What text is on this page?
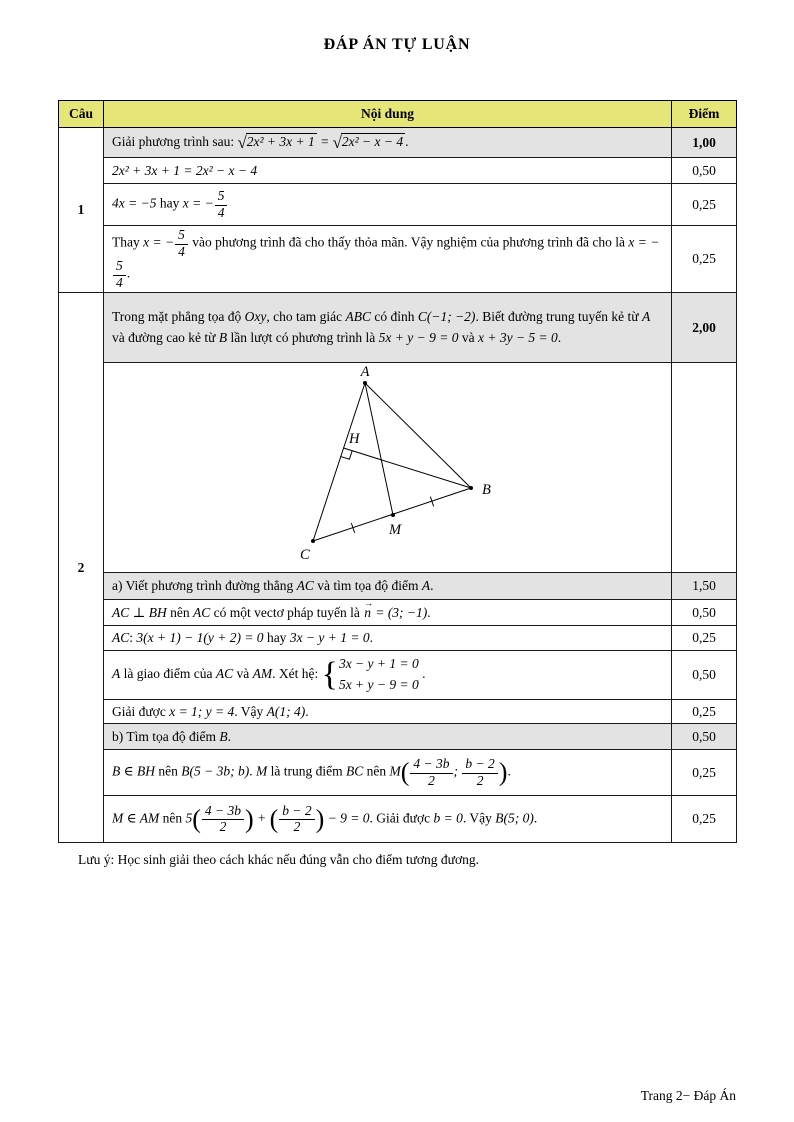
ĐÁP ÁN TỰ LUẬN
Câu	Nội dung	Điểm
1	Giải phương trình sau: √2x² + 3x + 1 = √2x² − x − 4 .	1,00
	2x² + 3x + 1 = 2x² − x − 4	0,50
	4x = −5 hay x = − $\frac{5}{4}$	0,25
Thay x = − $\frac{5}{4}$ vào phương trình đã cho thấy thỏa mãn. Vậy nghiệm của phương trình đã cho là x = −
$\frac{5}{4}$ .	0,25
2	Trong mặt phẳng tọa độ Oxy, cho tam giác ABC có đỉnh C(−1; −2). Biết đường trung tuyến kẻ từ A và đường cao kẻ từ B lần lượt có phương trình là 5x + y − 9 = 0 và x + 3y − 5 = 0.	2,00

A
B
C
M
H	

	a) Viết phương trình đường thẳng AC và tìm tọa độ điểm A.	1,50
	AC ⊥ BH nên AC có một vectơ pháp tuyến là
→
n = (3; −1).	0,50
	AC: 3(x + 1) − 1(y + 2) = 0 hay 3x − y + 1 = 0.	0,25
	A là giao điểm của AC và AM. Xét hệ: { 3x − y + 1 = 0
5x + y − 9 = 0
.	0,50
	Giải được x = 1; y = 4. Vậy A(1; 4).	0,25
	b) Tìm tọa độ điểm B.	0,50
B ∈ BH nên B(5 − 3b; b). M là trung điểm BC nên $M( \frac{4 - 3b}{2}$ ; $\frac{b - 2}{2}$ ).	0,25
M ∈ AM nên $5( \frac{4 - 3b}{2}$ ) + ( $\frac{b - 2}{2}$ ) − 9 = 0. Giải được b = 0. Vậy B(5; 0).	0,25
Lưu ý: Học sinh giải theo cách khác nếu đúng vẫn cho điểm tương đương.
Trang 2− Đáp Án
